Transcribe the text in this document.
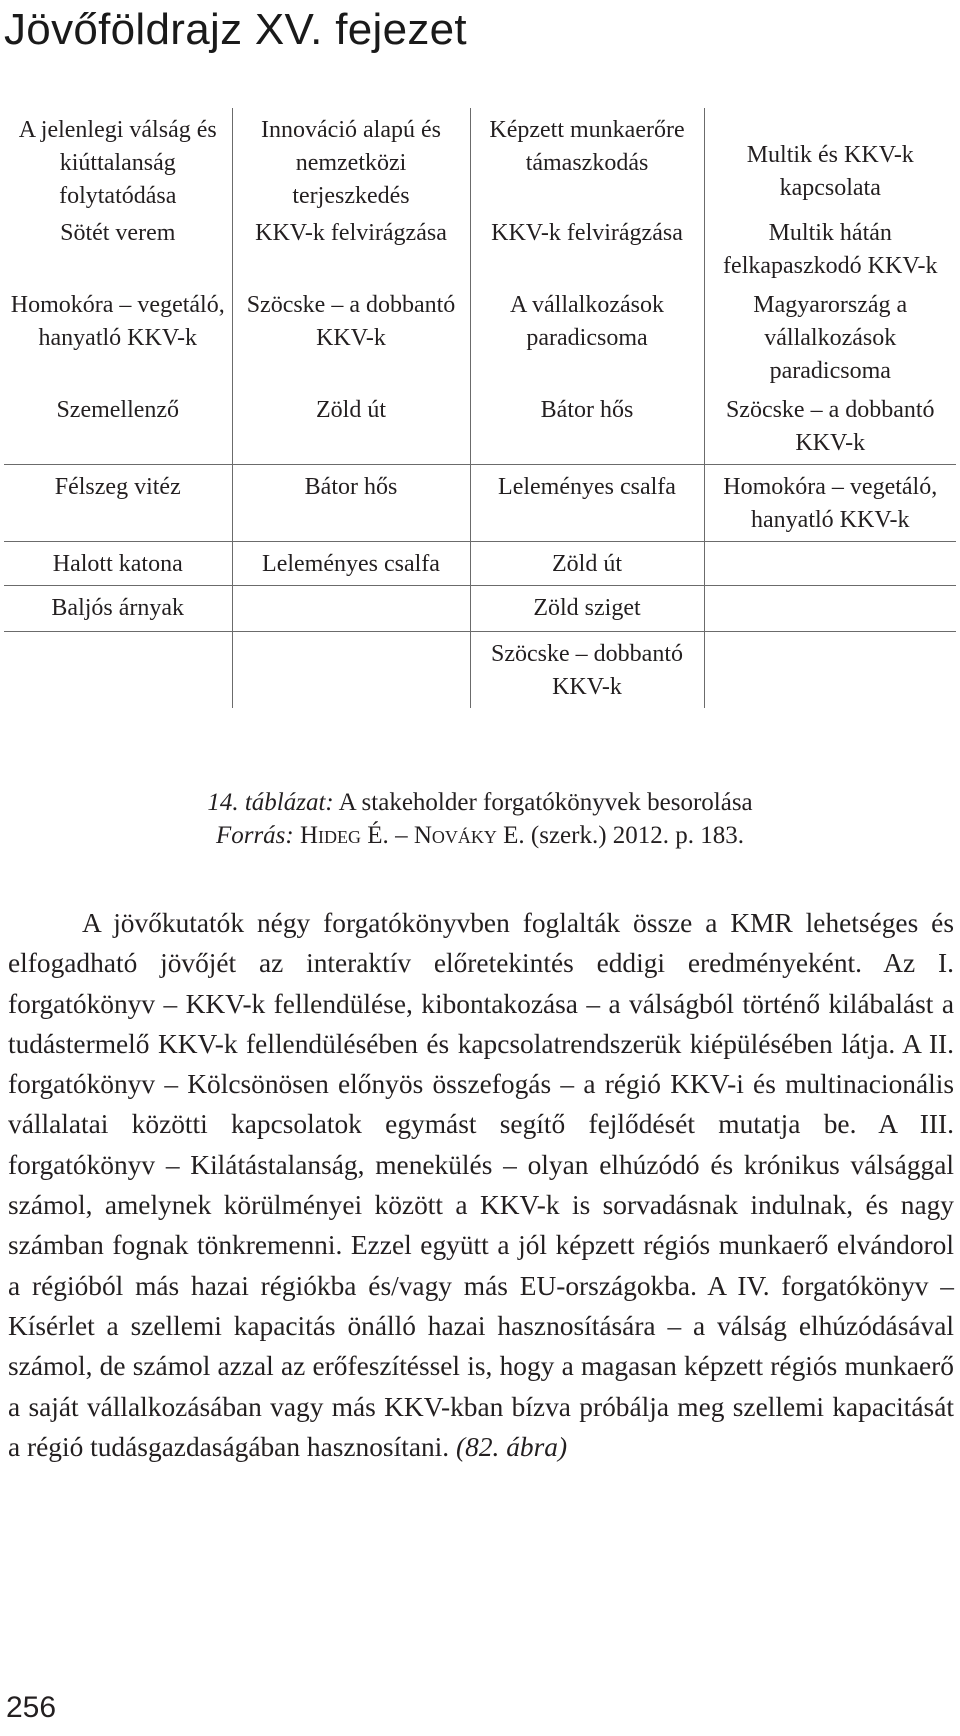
Jövőföldrajz XV. fejezet
A jelenlegi válság és kiúttalanság folytatódása	Innováció alapú és nemzetközi terjeszkedés	Képzett munkaerőre támaszkodás	Multik és KKV-k kapcsolata
Sötét verem	KKV-k felvirágzása	KKV-k felvirágzása	Multik hátán felkapaszkodó KKV-k
Homokóra – vegetáló, hanyatló KKV-k	Szöcske – a dobbantó KKV-k	A vállalkozások paradicsoma	Magyarország a vállalkozások paradicsoma
Szemellenző	Zöld út	Bátor hős	Szöcske – a dobbantó KKV-k
Félszeg vitéz	Bátor hős	Leleményes csalfa	Homokóra – vegetáló, hanyatló KKV-k
Halott katona	Leleményes csalfa	Zöld út	
Baljós árnyak		Zöld sziget	
		Szöcske – dobbantó KKV-k	
14. táblázat: A stakeholder forgatókönyvek besorolása
Forrás: Hideg É. – Nováky E. (szerk.) 2012. p. 183.
A jövőkutatók négy forgatókönyvben foglalták össze a KMR lehetséges és elfogadható jövőjét az interaktív előretekintés eddigi eredményeként. Az I. forgatókönyv – KKV-k fellendülése, kibontakozása – a válságból történő kilábalást a tudástermelő KKV-k fellendülésében és kapcsolatrendszerük kiépülésében látja. A II. forgatókönyv – Kölcsönösen előnyös összefogás – a régió KKV-i és multinacionális vállalatai közötti kapcsolatok egymást segítő fejlődését mutatja be. A III. forgatókönyv – Kilátástalanság, menekülés – olyan elhúzódó és krónikus válsággal számol, amelynek körülményei között a KKV-k is sorvadásnak indulnak, és nagy számban fognak tönkremenni. Ezzel együtt a jól képzett régiós munkaerő elvándorol a régióból más hazai régiókba és/vagy más EU-országokba. A IV. forgatókönyv – Kísérlet a szellemi kapacitás önálló hazai hasznosítására – a válság elhúzódásával számol, de számol azzal az erőfeszítéssel is, hogy a magasan képzett régiós munkaerő a saját vállalkozásában vagy más KKV-kban bízva próbálja meg szellemi kapacitását a régió tudásgazdaságában hasznosítani. (82. ábra)
256
